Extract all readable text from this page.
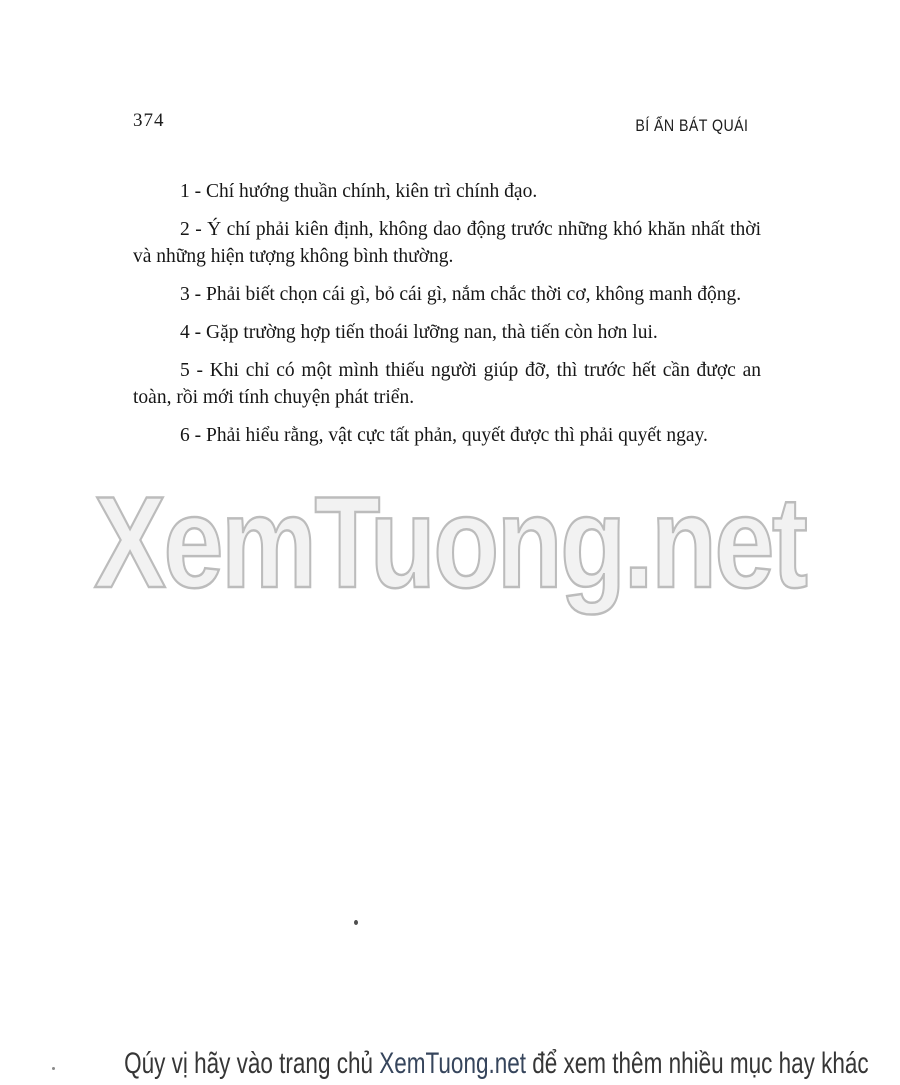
374	BÍ ẨN BÁT QUÁI

1 - Chí hướng thuần chính, kiên trì chính đạo.

2 - Ý chí phải kiên định, không dao động trước những khó khăn nhất thời và những hiện tượng không bình thường.

3 - Phải biết chọn cái gì, bỏ cái gì, nắm chắc thời cơ, không manh động.

4 - Gặp trường hợp tiến thoái lưỡng nan, thà tiến còn hơn lui.

5 - Khi chỉ có một mình thiếu người giúp đỡ, thì trước hết cần được an toàn, rồi mới tính chuyện phát triển.

6 - Phải hiểu rằng, vật cực tất phản, quyết được thì phải quyết ngay.

XemTuong.net
Qúy vị hãy vào trang chủ XemTuong.net để xem thêm nhiều mục hay khác
